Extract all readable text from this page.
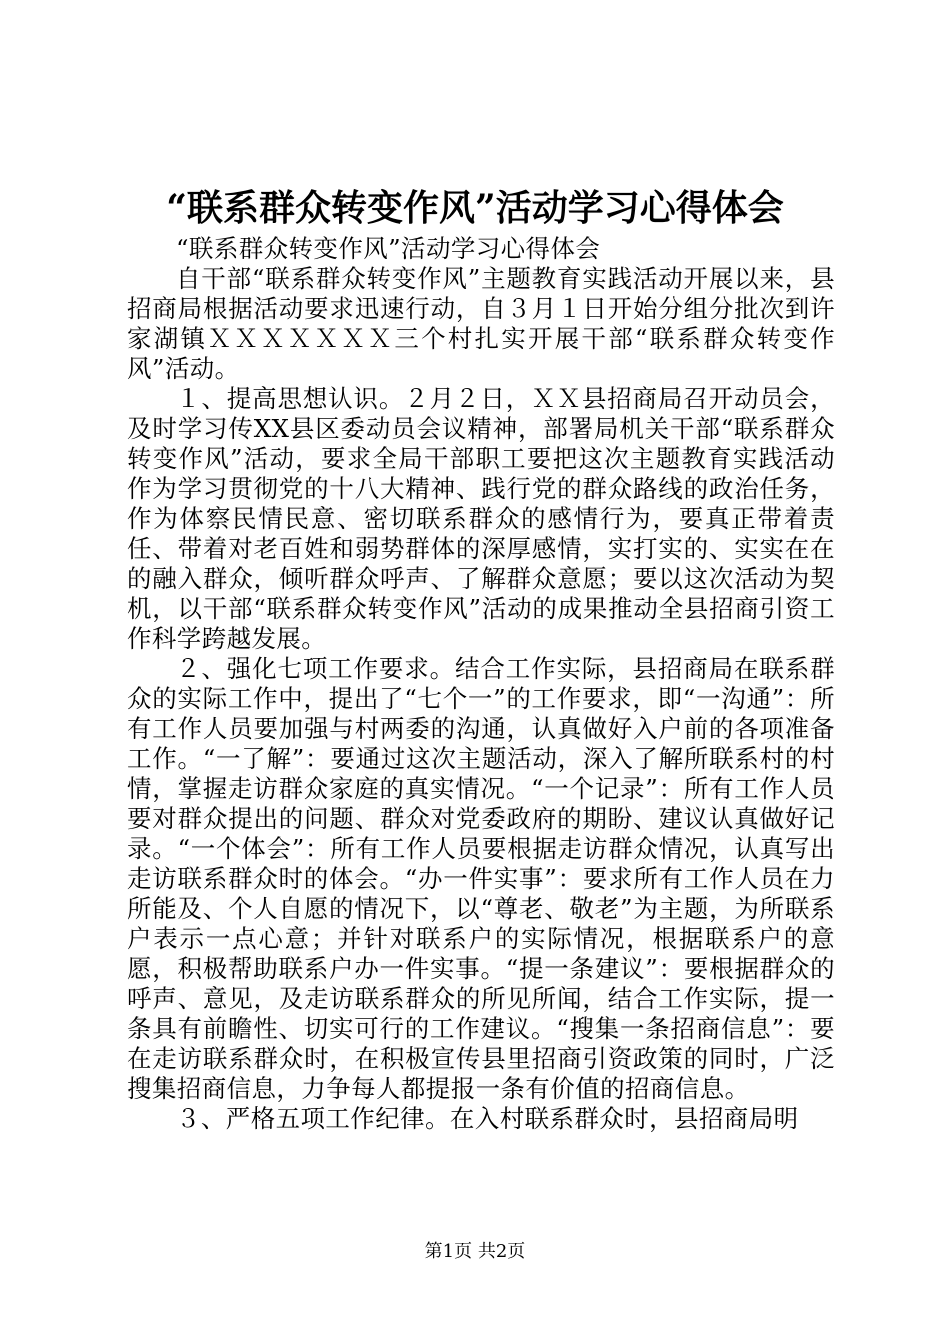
“联系群众转变作风”活动学习心得体会

“联系群众转变作风”活动学习心得体会

自干部“联系群众转变作风”主题教育实践活动开展以来，县招商局根据活动要求迅速行动，自３月１日开始分组分批次到许家湖镇ＸＸＸＸＸＸＸ三个村扎实开展干部“联系群众转变作风”活动。

１、提高思想认识。２月２日，ＸＸ县招商局召开动员会，及时学习传XX县区委动员会议精神，部署局机关干部“联系群众转变作风”活动，要求全局干部职工要把这次主题教育实践活动作为学习贯彻党的十八大精神、践行党的群众路线的政治任务，作为体察民情民意、密切联系群众的感情行为，要真正带着责任、带着对老百姓和弱势群体的深厚感情，实打实的、实实在在的融入群众，倾听群众呼声、了解群众意愿；要以这次活动为契机，以干部“联系群众转变作风”活动的成果推动全县招商引资工作科学跨越发展。

２、强化七项工作要求。结合工作实际，县招商局在联系群众的实际工作中，提出了“七个一”的工作要求，即“一沟通”：所有工作人员要加强与村两委的沟通，认真做好入户前的各项准备工作。“一了解”：要通过这次主题活动，深入了解所联系村的村情，掌握走访群众家庭的真实情况。“一个记录”：所有工作人员要对群众提出的问题、群众对党委政府的期盼、建议认真做好记录。“一个体会”：所有工作人员要根据走访群众情况，认真写出走访联系群众时的体会。“办一件实事”：要求所有工作人员在力所能及、个人自愿的情况下，以“尊老、敬老”为主题，为所联系户表示一点心意；并针对联系户的实际情况，根据联系户的意愿，积极帮助联系户办一件实事。“提一条建议”：要根据群众的呼声、意见，及走访联系群众的所见所闻，结合工作实际，提一条具有前瞻性、切实可行的工作建议。“搜集一条招商信息”：要在走访联系群众时，在积极宣传县里招商引资政策的同时，广泛搜集招商信息，力争每人都提报一条有价值的招商信息。

３、严格五项工作纪律。在入村联系群众时，县招商局明

第1页 共2页
